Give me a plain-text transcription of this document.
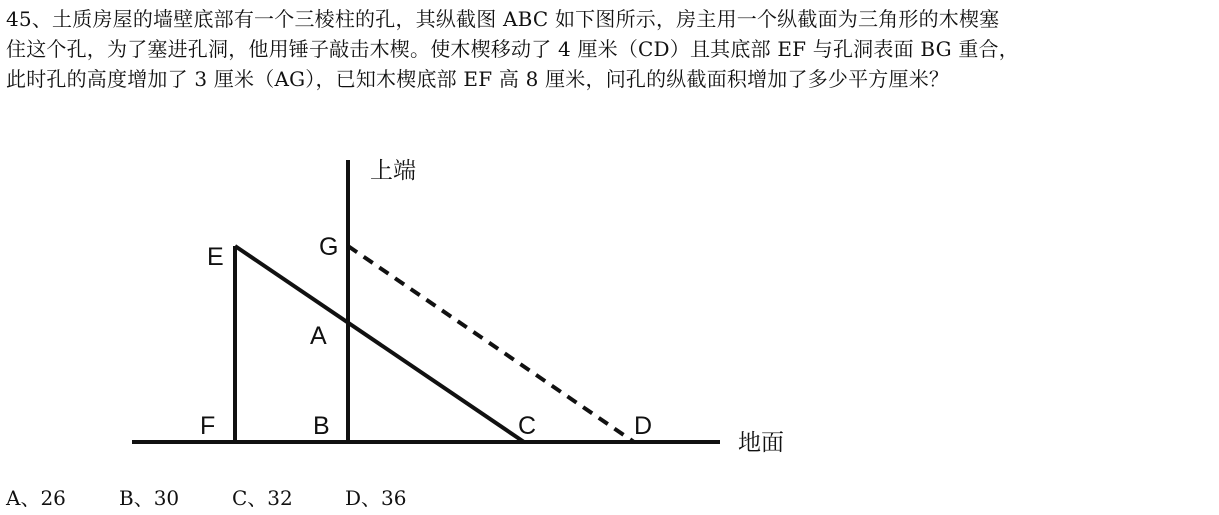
45、土质房屋的墙壁底部有一个三棱柱的孔，其纵截图 ABC 如下图所示，房主用一个纵截面为三角形的木楔塞

住这个孔，为了塞进孔洞，他用锤子敲击木楔。使木楔移动了 4 厘米（CD）且其底部 EF 与孔洞表面 BG 重合，

此时孔的高度增加了 3 厘米（AG），已知木楔底部 EF 高 8 厘米，问孔的纵截面积增加了多少平方厘米？

E	G
A
F	B	C	D
上端
地面
A、26	B、30	C、32	D、36
